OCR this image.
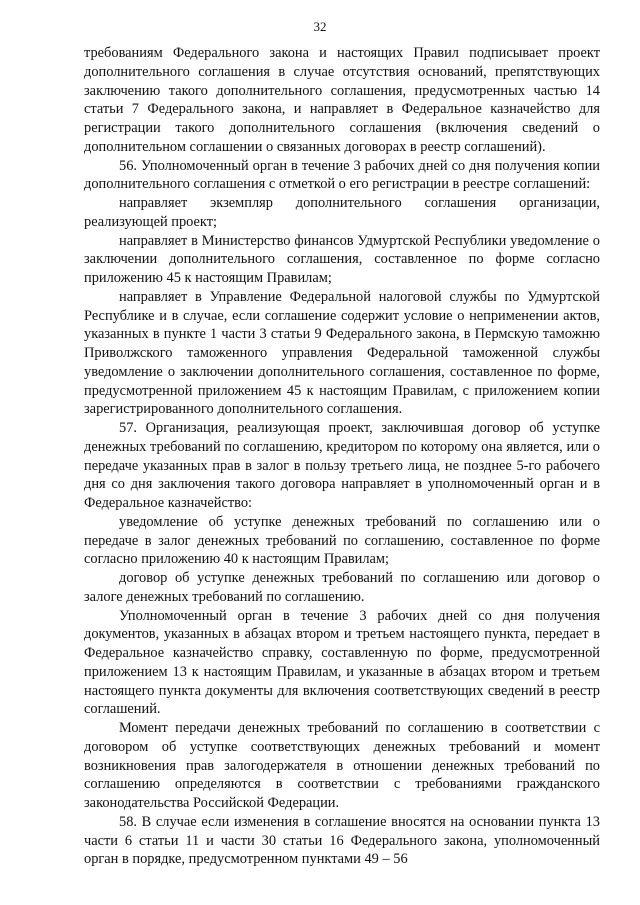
32

требованиям Федерального закона и настоящих Правил подписывает проект дополнительного соглашения в случае отсутствия оснований, препятствующих заключению такого дополнительного соглашения, предусмотренных частью 14 статьи 7 Федерального закона, и направляет в Федеральное казначейство для регистрации такого дополнительного соглашения (включения сведений о дополнительном соглашении о связанных договорах в реестр соглашений).

56. Уполномоченный орган в течение 3 рабочих дней со дня получения копии дополнительного соглашения с отметкой о его регистрации в реестре соглашений:

направляет экземпляр дополнительного соглашения организации, реализующей проект;

направляет в Министерство финансов Удмуртской Республики уведомление о заключении дополнительного соглашения, составленное по форме согласно приложению 45 к настоящим Правилам;

направляет в Управление Федеральной налоговой службы по Удмуртской Республике и в случае, если соглашение содержит условие о неприменении актов, указанных в пункте 1 части 3 статьи 9 Федерального закона, в Пермскую таможню Приволжского таможенного управления Федеральной таможенной службы уведомление о заключении дополнительного соглашения, составленное по форме, предусмотренной приложением 45 к настоящим Правилам, с приложением копии зарегистрированного дополнительного соглашения.

57. Организация, реализующая проект, заключившая договор об уступке денежных требований по соглашению, кредитором по которому она является, или о передаче указанных прав в залог в пользу третьего лица, не позднее 5-го рабочего дня со дня заключения такого договора направляет в уполномоченный орган и в Федеральное казначейство:

уведомление об уступке денежных требований по соглашению или о передаче в залог денежных требований по соглашению, составленное по форме согласно приложению 40 к настоящим Правилам;

договор об уступке денежных требований по соглашению или договор о залоге денежных требований по соглашению.

Уполномоченный орган в течение 3 рабочих дней со дня получения документов, указанных в абзацах втором и третьем настоящего пункта, передает в Федеральное казначейство справку, составленную по форме, предусмотренной приложением 13 к настоящим Правилам, и указанные в абзацах втором и третьем настоящего пункта документы для включения соответствующих сведений в реестр соглашений.

Момент передачи денежных требований по соглашению в соответствии с договором об уступке соответствующих денежных требований и момент возникновения прав залогодержателя в отношении денежных требований по соглашению определяются в соответствии с требованиями гражданского законодательства Российской Федерации.

58. В случае если изменения в соглашение вносятся на основании пункта 13 части 6 статьи 11 и части 30 статьи 16 Федерального закона, уполномоченный орган в порядке, предусмотренном пунктами 49 – 56
